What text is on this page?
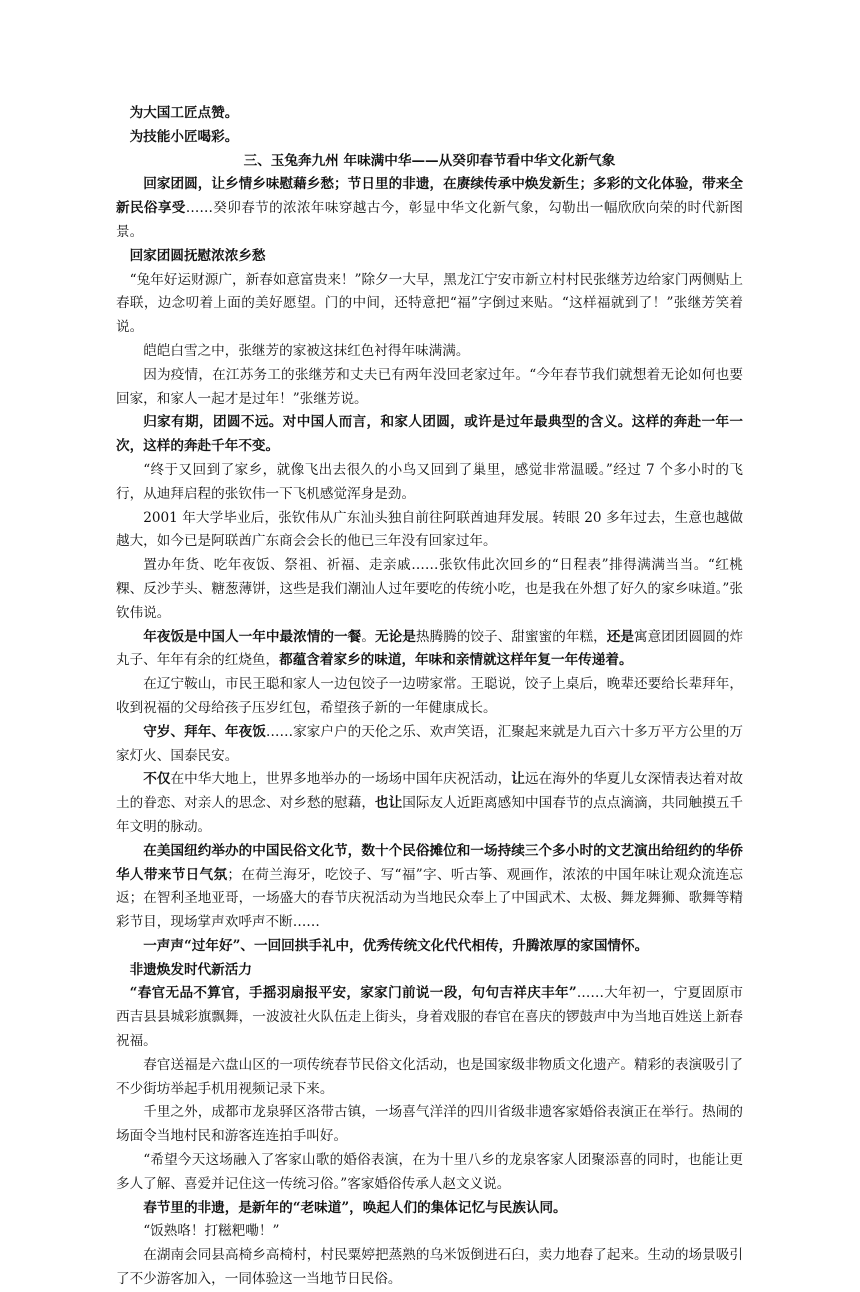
为大国工匠点赞。

为技能小匠喝彩。

三、玉兔奔九州 年味满中华——从癸卯春节看中华文化新气象

回家团圆，让乡情乡味慰藉乡愁；节日里的非遗，在赓续传承中焕发新生；多彩的文化体验，带来全新民俗享受……癸卯春节的浓浓年味穿越古今，彰显中华文化新气象，勾勒出一幅欣欣向荣的时代新图景。

回家团圆抚慰浓浓乡愁

“兔年好运财源广，新春如意富贵来！”除夕一大早，黑龙江宁安市新立村村民张继芳边给家门两侧贴上春联，边念叨着上面的美好愿望。门的中间，还特意把“福”字倒过来贴。“这样福就到了！”张继芳笑着说。

皑皑白雪之中，张继芳的家被这抹红色衬得年味满满。

因为疫情，在江苏务工的张继芳和丈夫已有两年没回老家过年。“今年春节我们就想着无论如何也要回家，和家人一起才是过年！”张继芳说。

归家有期，团圆不远。对中国人而言，和家人团圆，或许是过年最典型的含义。这样的奔赴一年一次，这样的奔赴千年不变。

“终于又回到了家乡，就像飞出去很久的小鸟又回到了巢里，感觉非常温暖。”经过 7 个多小时的飞行，从迪拜启程的张钦伟一下飞机感觉浑身是劲。

2001 年大学毕业后，张钦伟从广东汕头独自前往阿联酋迪拜发展。转眼 20 多年过去，生意也越做越大，如今已是阿联酋广东商会会长的他已三年没有回家过年。

置办年货、吃年夜饭、祭祖、祈福、走亲戚……张钦伟此次回乡的“日程表”排得满满当当。“红桃粿、反沙芋头、糖葱薄饼，这些是我们潮汕人过年要吃的传统小吃，也是我在外想了好久的家乡味道。”张钦伟说。

年夜饭是中国人一年中最浓情的一餐。无论是热腾腾的饺子、甜蜜蜜的年糕，还是寓意团团圆圆的炸丸子、年年有余的红烧鱼，都蕴含着家乡的味道，年味和亲情就这样年复一年传递着。

在辽宁鞍山，市民王聪和家人一边包饺子一边唠家常。王聪说，饺子上桌后，晚辈还要给长辈拜年，收到祝福的父母给孩子压岁红包，希望孩子新的一年健康成长。

守岁、拜年、年夜饭……家家户户的天伦之乐、欢声笑语，汇聚起来就是九百六十多万平方公里的万家灯火、国泰民安。

不仅在中华大地上，世界多地举办的一场场中国年庆祝活动，让远在海外的华夏儿女深情表达着对故土的眷恋、对亲人的思念、对乡愁的慰藉，也让国际友人近距离感知中国春节的点点滴滴，共同触摸五千年文明的脉动。

在美国纽约举办的中国民俗文化节，数十个民俗摊位和一场持续三个多小时的文艺演出给纽约的华侨华人带来节日气氛；在荷兰海牙，吃饺子、写“福”字、听古筝、观画作，浓浓的中国年味让观众流连忘返；在智利圣地亚哥，一场盛大的春节庆祝活动为当地民众奉上了中国武术、太极、舞龙舞狮、歌舞等精彩节目，现场掌声欢呼声不断……

一声声“过年好”、一回回拱手礼中，优秀传统文化代代相传，升腾浓厚的家国情怀。

非遗焕发时代新活力

“春官无品不算官，手摇羽扇报平安，家家门前说一段，句句吉祥庆丰年”……大年初一，宁夏固原市西吉县县城彩旗飘舞，一波波社火队伍走上街头，身着戏服的春官在喜庆的锣鼓声中为当地百姓送上新春祝福。

春官送福是六盘山区的一项传统春节民俗文化活动，也是国家级非物质文化遗产。精彩的表演吸引了不少街坊举起手机用视频记录下来。

千里之外，成都市龙泉驿区洛带古镇，一场喜气洋洋的四川省级非遗客家婚俗表演正在举行。热闹的场面令当地村民和游客连连拍手叫好。

“希望今天这场融入了客家山歌的婚俗表演，在为十里八乡的龙泉客家人团聚添喜的同时，也能让更多人了解、喜爱并记住这一传统习俗。”客家婚俗传承人赵文义说。

春节里的非遗，是新年的“老味道”，唤起人们的集体记忆与民族认同。

“饭熟咯！打糍粑嘞！”

在湖南会同县高椅乡高椅村，村民粟婷把蒸熟的乌米饭倒进石臼，卖力地舂了起来。生动的场景吸引了不少游客加入，一同体验这一当地节日民俗。
